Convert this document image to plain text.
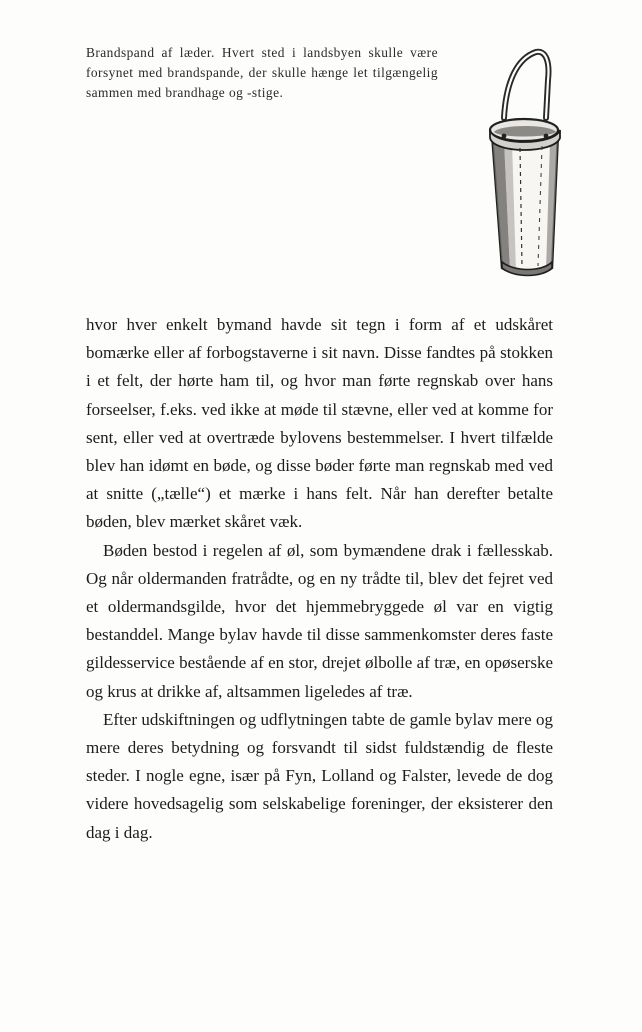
Brandspand af læder. Hvert sted i landsbyen skulle være forsynet med brandspande, der skulle hænge let tilgængelig sammen med brandhage og -stige.

hvor hver enkelt bymand havde sit tegn i form af et udskåret bomærke eller af forbogstaverne i sit navn. Disse fandtes på stokken i et felt, der hørte ham til, og hvor man førte regnskab over hans forseelser, f.eks. ved ikke at møde til stævne, eller ved at komme for sent, eller ved at overtræde bylovens bestemmelser. I hvert tilfælde blev han idømt en bøde, og disse bøder førte man regnskab med ved at snitte („tælle“) et mærke i hans felt. Når han derefter betalte bøden, blev mærket skåret væk.

Bøden bestod i regelen af øl, som bymændene drak i fællesskab. Og når oldermanden fratrådte, og en ny trådte til, blev det fejret ved et oldermandsgilde, hvor det hjemmebryggede øl var en vigtig bestanddel. Mange bylav havde til disse sammenkomster deres faste gildesservice bestående af en stor, drejet ølbolle af træ, en opøserske og krus at drikke af, altsammen ligeledes af træ.

Efter udskiftningen og udflytningen tabte de gamle bylav mere og mere deres betydning og forsvandt til sidst fuldstændig de fleste steder. I nogle egne, især på Fyn, Lolland og Falster, levede de dog videre hovedsagelig som selskabelige foreninger, der eksisterer den dag i dag.
